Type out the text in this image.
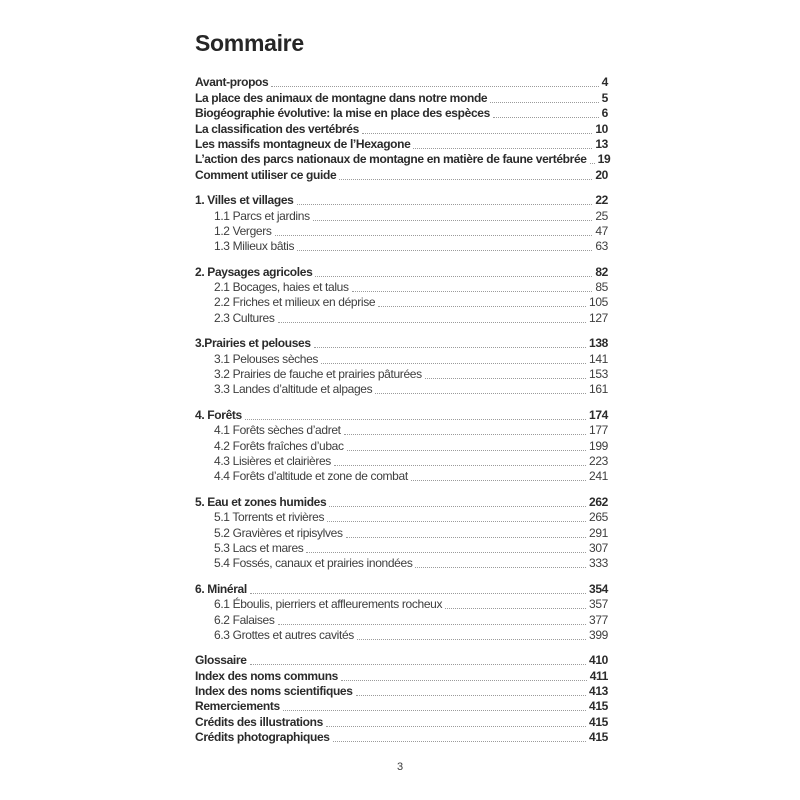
Sommaire
Avant-propos	4
La place des animaux de montagne dans notre monde	5
Biogéographie évolutive: la mise en place des espèces	6
La classification des vertébrés	10
Les massifs montagneux de l’Hexagone	13
L’action des parcs nationaux de montagne en matière de faune vertébrée 19
Comment utiliser ce guide	20
1. Villes et villages	22
1.1 Parcs et jardins	25
1.2 Vergers	47
1.3 Milieux bâtis	63
2. Paysages agricoles	82
2.1 Bocages, haies et talus	85
2.2 Friches et milieux en déprise	105
2.3 Cultures	127
3.Prairies et pelouses	138
3.1 Pelouses sèches	141
3.2 Prairies de fauche et prairies pâturées	153
3.3 Landes d’altitude et alpages	161
4. Forêts	174
4.1 Forêts sèches d’adret	177
4.2 Forêts fraîches d’ubac	199
4.3 Lisières et clairières	223
4.4 Forêts d’altitude et zone de combat	241
5. Eau et zones humides	262
5.1 Torrents et rivières	265
5.2 Gravières et ripisylves	291
5.3 Lacs et mares	307
5.4 Fossés, canaux et prairies inondées	333
6. Minéral	354
6.1 Éboulis, pierriers et affleurements rocheux	357
6.2 Falaises	377
6.3 Grottes et autres cavités	399
Glossaire	410
Index des noms communs	411
Index des noms scientifiques	413
Remerciements	415
Crédits des illustrations	415
Crédits photographiques	415
3
